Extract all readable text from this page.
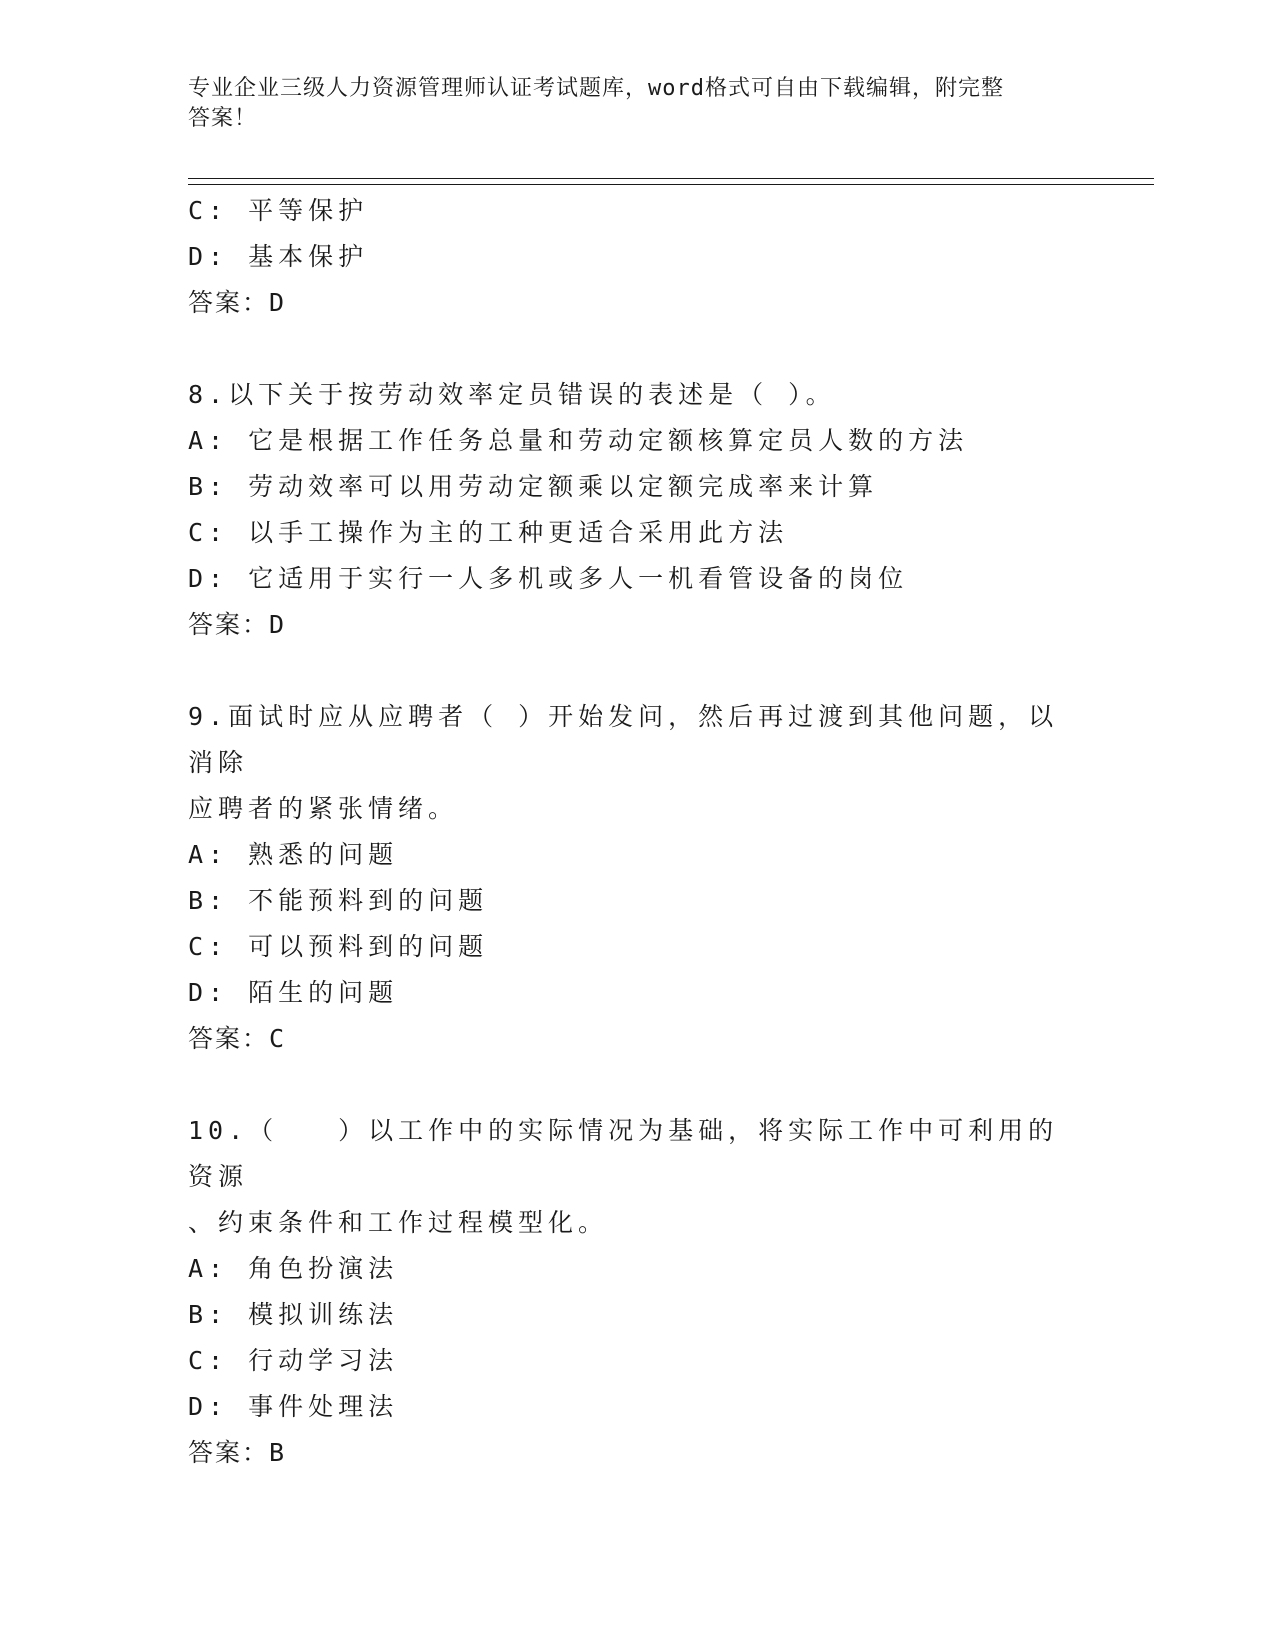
专业企业三级人力资源管理师认证考试题库，word格式可自由下载编辑，附完整
答案！
C: 平等保护
D: 基本保护
答案：D
8.以下关于按劳动效率定员错误的表述是（ ）。
A: 它是根据工作任务总量和劳动定额核算定员人数的方法
B: 劳动效率可以用劳动定额乘以定额完成率来计算
C: 以手工操作为主的工种更适合采用此方法
D: 它适用于实行一人多机或多人一机看管设备的岗位
答案：D
9.面试时应从应聘者（ ）开始发问，然后再过渡到其他问题，以消除
应聘者的紧张情绪。
A: 熟悉的问题
B: 不能预料到的问题
C: 可以预料到的问题
D: 陌生的问题
答案：C
10.（　　）以工作中的实际情况为基础，将实际工作中可利用的资源
、约束条件和工作过程模型化。
A: 角色扮演法
B: 模拟训练法
C: 行动学习法
D: 事件处理法
答案：B
